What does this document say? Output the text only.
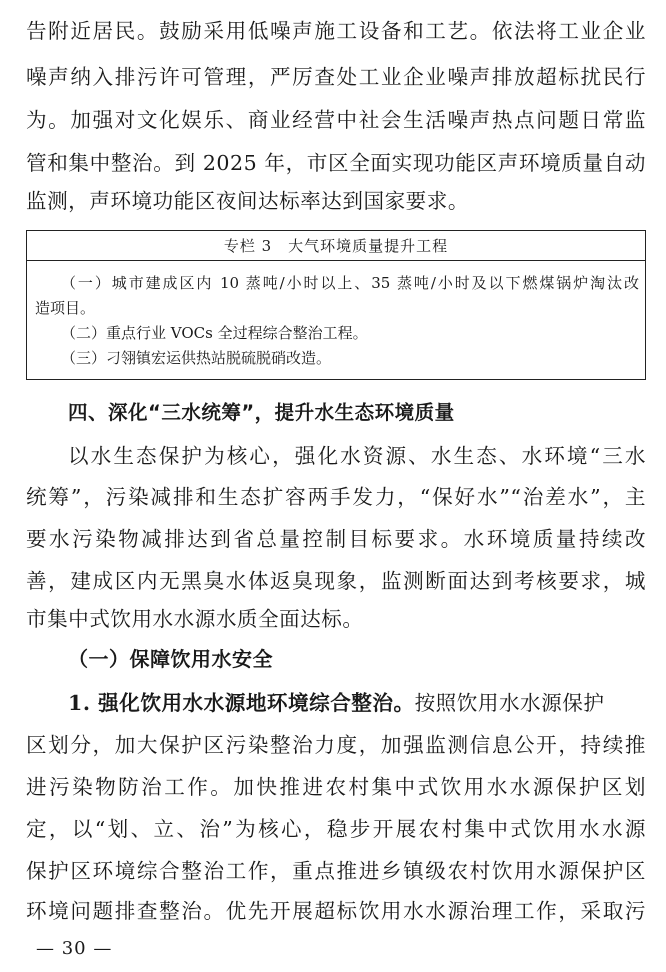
告附近居民。鼓励采用低噪声施工设备和工艺。依法将工业企业
噪声纳入排污许可管理，严厉查处工业企业噪声排放超标扰民行
为。加强对文化娱乐、商业经营中社会生活噪声热点问题日常监
管和集中整治。到 2025 年，市区全面实现功能区声环境质量自动
监测，声环境功能区夜间达标率达到国家要求。
专栏 3　大气环境质量提升工程
（一）城市建成区内 10 蒸吨/小时以上、35 蒸吨/小时及以下燃煤锅炉淘汰改
造项目。
（二）重点行业 VOCs 全过程综合整治工程。
（三）刁翎镇宏运供热站脱硫脱硝改造。
四、深化“三水统筹”，提升水生态环境质量
以水生态保护为核心，强化水资源、水生态、水环境“三水
统筹”，污染减排和生态扩容两手发力，“保好水”“治差水”，主
要水污染物减排达到省总量控制目标要求。水环境质量持续改
善，建成区内无黑臭水体返臭现象，监测断面达到考核要求，城
市集中式饮用水水源水质全面达标。
（一）保障饮用水安全
1. 强化饮用水水源地环境综合整治。按照饮用水水源保护
区划分，加大保护区污染整治力度，加强监测信息公开，持续推
进污染物防治工作。加快推进农村集中式饮用水水源保护区划
定，以“划、立、治”为核心，稳步开展农村集中式饮用水水源
保护区环境综合整治工作，重点推进乡镇级农村饮用水源保护区
环境问题排查整治。优先开展超标饮用水水源治理工作，采取污
— 30 —
